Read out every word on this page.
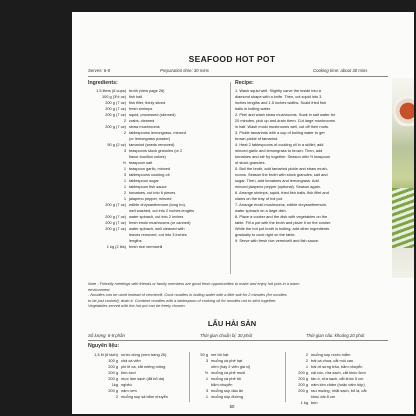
SEAFOOD HOT POT
Serves: 6-8	Preparation time: 30 mins	Cooking time: about 30 mins
Ingredients:	Recipe:
1.5 liters (6 cups) broth (view page 26)
100 g (3½ oz) fish ball
200 g (7 oz) fish fillet, thinly sliced
200 g (7 oz) fresh shrimps
200 g (7 oz) squid, processed (skinned)
2 crabs, cleaned
200 g (7 oz) straw mushrooms
2 tablespoons lemongrass, minced
(or lemongrass powder)
50 g (2 oz) tamarind (seeds removed)
3 teaspoons stock granules (or 2
flavor bouillon cubes)
½ teaspoon salt
1 teaspoon garlic, minced
3 tablespoons cooking oil
1 tablespoon sugar
1 tablespoon fish sauce
2 tomatoes, cut into 6 pieces
1 jalapeno pepper, minced
200 g (7 oz) edible chrysanthemum (tong ho),
well washed, cut into 2 inches lengths
200 g (7 oz) water spinach, cut into 2 inches
200 g (7 oz) fresh enoki mushrooms (or canned)
200 g (7 oz) water spinach, well cleaned with
leaves removed, cut into 3 inches
lengths
1 kg (2 lbs) fresh rice vermicelli
1. Wash squid well. Slightly carve the inside into a
diamond shape with a knife. Then, cut squid into 3
inches lengths and 1.5 inches widths. Scald fried fish
balls in boiling water.
2. Peel and wash straw mushrooms. Soak in salt water for
20 minutes, pick up and drain them. Cut large mushrooms
in half. Wash enoki mushrooms well, cut off their roots.
3. Pickle tamarinds with a cup of boiling water to get
brown pickle of tamarind.
4. Heat 2 tablespoons of cooking oil in a skillet, add
minced garlic and lemongrass to brown. Then, add
tomatoes and stir fry together. Season with ½ teaspoon
of stock granules.
5. Boil the broth, add tamarind pickle and straw mush-
rooms. Season the broth with stock granules, salt and
sugar. Then, add tomatoes and lemongrass. Add
minced jalapeno pepper (optional). Season again.
6. Arrange shrimps, squid, fried fish balls, fish fillet and
clams on the tray of hot pot.
7. Arrange enoki mushrooms, edible chrysanthemum,
water spinach on a large dish.
8. Place a cooker and the dish with vegetables on the
table. Fill a pot with the broth and place it on the cooker.
While the hot pot broth is boiling, add other ingredients
gradually to cook right on the table.
9. Serve with fresh rice vermicelli and fish sauce.
Note - Friendly meetings with friends or family members are good fresh opportunities to make and enjoy hot pots in a warm
environment.
- Noodles can be used instead of vermicelli. Cook noodles in boiling water with a little salt for 2 minutes (for noodles
to be just cooked), drain it. Combine noodles with a tablespoon of cooking oil for noodles not to stick together.
Vegetables served with the hot pot can be freely chosen.
LẨU HẢI SẢN
Số lượng: 6-8 phần	Thời gian chuẩn bị: 30 phút	Thời gian nấu: khoảng 20 phút
Nguyên liệu:
1,5 lít (6 tách) nước dùng (xem trang 26)
100 g chả cá viên
200 g phi lê cá, xắt miếng mỏng
200 g tôm tươi
200 g mực làm sạch (đã bỏ da)
1kg nghêu
200 g nấm rơm
2 muỗng súp sả bằm nhuyễn
50 g me bỏ hạt
3 muỗng cà phê hạt
nêm (hay 2 viên gia vị)
½ muỗng cà phê muối
1 muỗng cà phê tỏi
bằm nhuyễn
3 muỗng súp dầu ăn
1 muỗng súp đường
2 muỗng súp nước mắm
2 trái cà chua, cắt múi cau
1 trái ớt sừng trâu, bằm nhuyễn
200 g cải cúc, rửa sạch, cắt khúc 5cm
200 g tần ô, rửa sạch, cắt khúc 5 cm
200 g nấm kim châm (hoặc nấm hộp)
200 g rau muống, nhặt sạch, bỏ lá, cắt
khúc dài 8 cm
1 kg bún
50
